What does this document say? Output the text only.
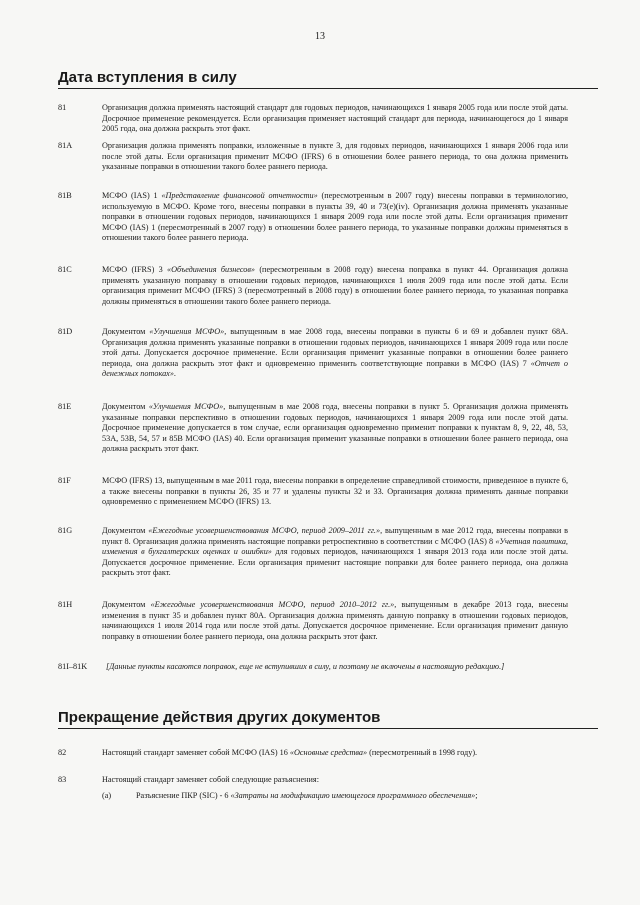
13
Дата вступления в силу
81	Организация должна применять настоящий стандарт для годовых периодов, начинающихся 1 января 2005 года или после этой даты. Досрочное применение рекомендуется. Если организация применяет настоящий стандарт для периода, начинающегося до 1 января 2005 года, она должна раскрыть этот факт.
81A	Организация должна применять поправки, изложенные в пункте 3, для годовых периодов, начинающихся 1 января 2006 года или после этой даты. Если организация применит МСФО (IFRS) 6 в отношении более раннего периода, то она должна применить указанные поправки в отношении такого более раннего периода.
81B	МСФО (IAS) 1 «Представление финансовой отчетности» (пересмотренным в 2007 году) внесены поправки в терминологию, используемую в МСФО. Кроме того, внесены поправки в пункты 39, 40 и 73(е)(iv). Организация должна применять указанные поправки в отношении годовых периодов, начинающихся 1 января 2009 года или после этой даты. Если организация применит МСФО (IAS) 1 (пересмотренный в 2007 году) в отношении более раннего периода, то указанные поправки должны применяться в отношении такого более раннего периода.
81C	МСФО (IFRS) 3 «Объединения бизнесов» (пересмотренным в 2008 году) внесена поправка в пункт 44. Организация должна применять указанную поправку в отношении годовых периодов, начинающихся 1 июля 2009 года или после этой даты. Если организация применит МСФО (IFRS) 3 (пересмотренный в 2008 году) в отношении более раннего периода, то указанная поправка должны применяться в отношении такого более раннего периода.
81D	Документом «Улучшения МСФО», выпущенным в мае 2008 года, внесены поправки в пункты 6 и 69 и добавлен пункт 68А. Организация должна применять указанные поправки в отношении годовых периодов, начинающихся 1 января 2009 года или после этой даты. Допускается досрочное применение. Если организация применит указанные поправки в отношении более раннего периода, она должна раскрыть этот факт и одновременно применить соответствующие поправки в МСФО (IAS) 7 «Отчет о денежных потоках».
81E	Документом «Улучшения МСФО», выпущенным в мае 2008 года, внесены поправки в пункт 5. Организация должна применять указанные поправки перспективно в отношении годовых периодов, начинающихся 1 января 2009 года или после этой даты. Досрочное применение допускается в том случае, если организация одновременно применит поправки к пунктам 8, 9, 22, 48, 53, 53А, 53В, 54, 57 и 85В МСФО (IAS) 40. Если организация применит указанные поправки в отношении более раннего периода, она должна раскрыть этот факт.
81F	МСФО (IFRS) 13, выпущенным в мае 2011 года, внесены поправки в определение справедливой стоимости, приведенное в пункте 6, а также внесены поправки в пункты 26, 35 и 77 и удалены пункты 32 и 33. Организация должна применять данные поправки одновременно с применением МСФО (IFRS) 13.
81G	Документом «Ежегодные усовершенствования МСФО, период 2009–2011 гг.», выпущенным в мае 2012 года, внесены поправки в пункт 8. Организация должна применять настоящие поправки ретроспективно в соответствии с МСФО (IAS) 8 «Учетная политика, изменения в бухгалтерских оценках и ошибки» для годовых периодов, начинающихся 1 января 2013 года или после этой даты. Допускается досрочное применение. Если организация применит настоящие поправки для более раннего периода, она должна раскрыть этот факт.
81H	Документом «Ежегодные усовершенствования МСФО, период 2010–2012 гг.», выпущенным в декабре 2013 года, внесены изменения в пункт 35 и добавлен пункт 80А. Организация должна применять данную поправку в отношении годовых периодов, начинающихся 1 июля 2014 года или после этой даты. Допускается досрочное применение. Если организация применит данную поправку в отношении более раннего периода, она должна раскрыть этот факт.
81I–81K	[Данные пункты касаются поправок, еще не вступивших в силу, и поэтому не включены в настоящую редакцию.]
Прекращение действия других документов
82	Настоящий стандарт заменяет собой МСФО (IAS) 16 «Основные средства» (пересмотренный в 1998 году).
83	Настоящий стандарт заменяет собой следующие разъяснения:
(a)	Разъяснение ПКР (SIC) - 6 «Затраты на модификацию имеющегося программного обеспечения»;
